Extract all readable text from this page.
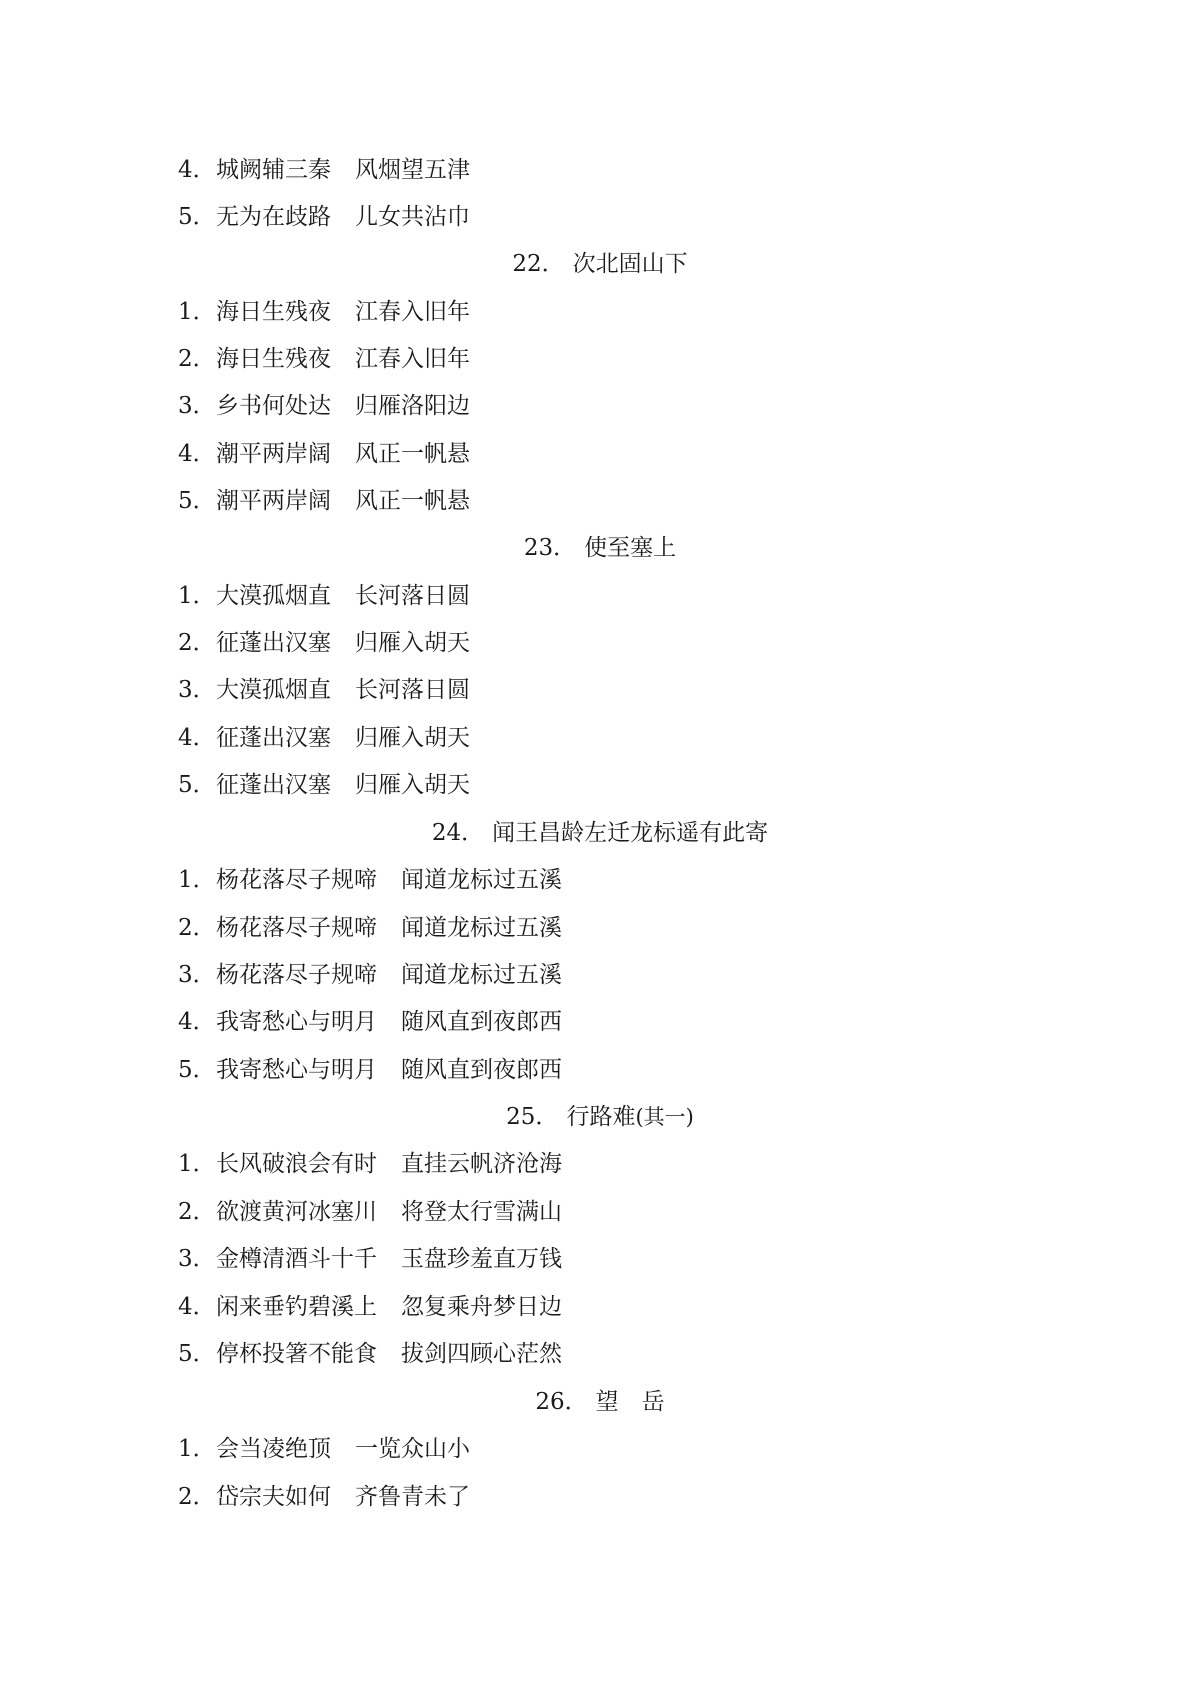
4．城阙辅三秦 风烟望五津
5．无为在歧路 儿女共沾巾
22． 次北固山下
1．海日生残夜 江春入旧年
2．海日生残夜 江春入旧年
3．乡书何处达 归雁洛阳边
4．潮平两岸阔 风正一帆悬
5．潮平两岸阔 风正一帆悬
23． 使至塞上
1．大漠孤烟直 长河落日圆
2．征蓬出汉塞 归雁入胡天
3．大漠孤烟直 长河落日圆
4．征蓬出汉塞 归雁入胡天
5．征蓬出汉塞 归雁入胡天
24． 闻王昌龄左迁龙标遥有此寄
1．杨花落尽子规啼 闻道龙标过五溪
2．杨花落尽子规啼 闻道龙标过五溪
3．杨花落尽子规啼 闻道龙标过五溪
4．我寄愁心与明月 随风直到夜郎西
5．我寄愁心与明月 随风直到夜郎西
25． 行路难(其一)
1．长风破浪会有时 直挂云帆济沧海
2．欲渡黄河冰塞川 将登太行雪满山
3．金樽清酒斗十千 玉盘珍羞直万钱
4．闲来垂钓碧溪上 忽复乘舟梦日边
5．停杯投箸不能食 拔剑四顾心茫然
26． 望　岳
1．会当凌绝顶 一览众山小
2．岱宗夫如何 齐鲁青未了
